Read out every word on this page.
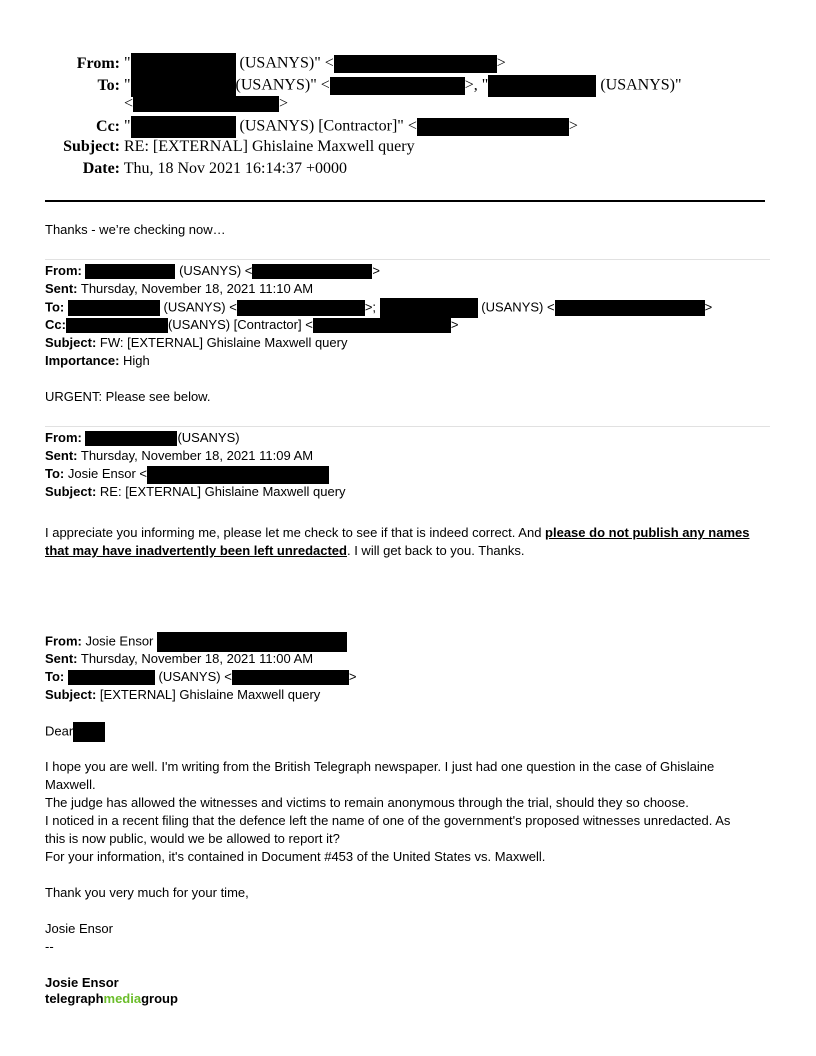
From: "	(USANYS)" <	>
To: "	(USANYS)" <	>, "	(USANYS)"
<	>
Cc: "	(USANYS) [Contractor]" <	>
Subject: RE: [EXTERNAL] Ghislaine Maxwell query
Date: Thu, 18 Nov 2021 16:14:37 +0000
Thanks - we’re checking now…
From:	(USANYS) <	>
Sent: Thursday, November 18, 2021 11:10 AM
To:	(USANYS) <	>;	(USANYS) <	>
Cc:	(USANYS) [Contractor] <	>
Subject: FW: [EXTERNAL] Ghislaine Maxwell query
Importance: High
URGENT: Please see below.
From:	(USANYS)
Sent: Thursday, November 18, 2021 11:09 AM
To: Josie Ensor <
Subject: RE: [EXTERNAL] Ghislaine Maxwell query
I appreciate you informing me, please let me check to see if that is indeed correct. And please do not publish any names
that may have inadvertently been left unredacted. I will get back to you. Thanks.
From: Josie Ensor
Sent: Thursday, November 18, 2021 11:00 AM
To:	(USANYS) <	>
Subject: [EXTERNAL] Ghislaine Maxwell query
Dear
I hope you are well. I'm writing from the British Telegraph newspaper. I just had one question in the case of Ghislaine
Maxwell.
The judge has allowed the witnesses and victims to remain anonymous through the trial, should they so choose.
I noticed in a recent filing that the defence left the name of one of the government's proposed witnesses unredacted. As
this is now public, would we be allowed to report it?
For your information, it's contained in Document #453 of the United States vs. Maxwell.
Thank you very much for your time,
Josie Ensor
--
Josie Ensor
telegraphmediagroup
